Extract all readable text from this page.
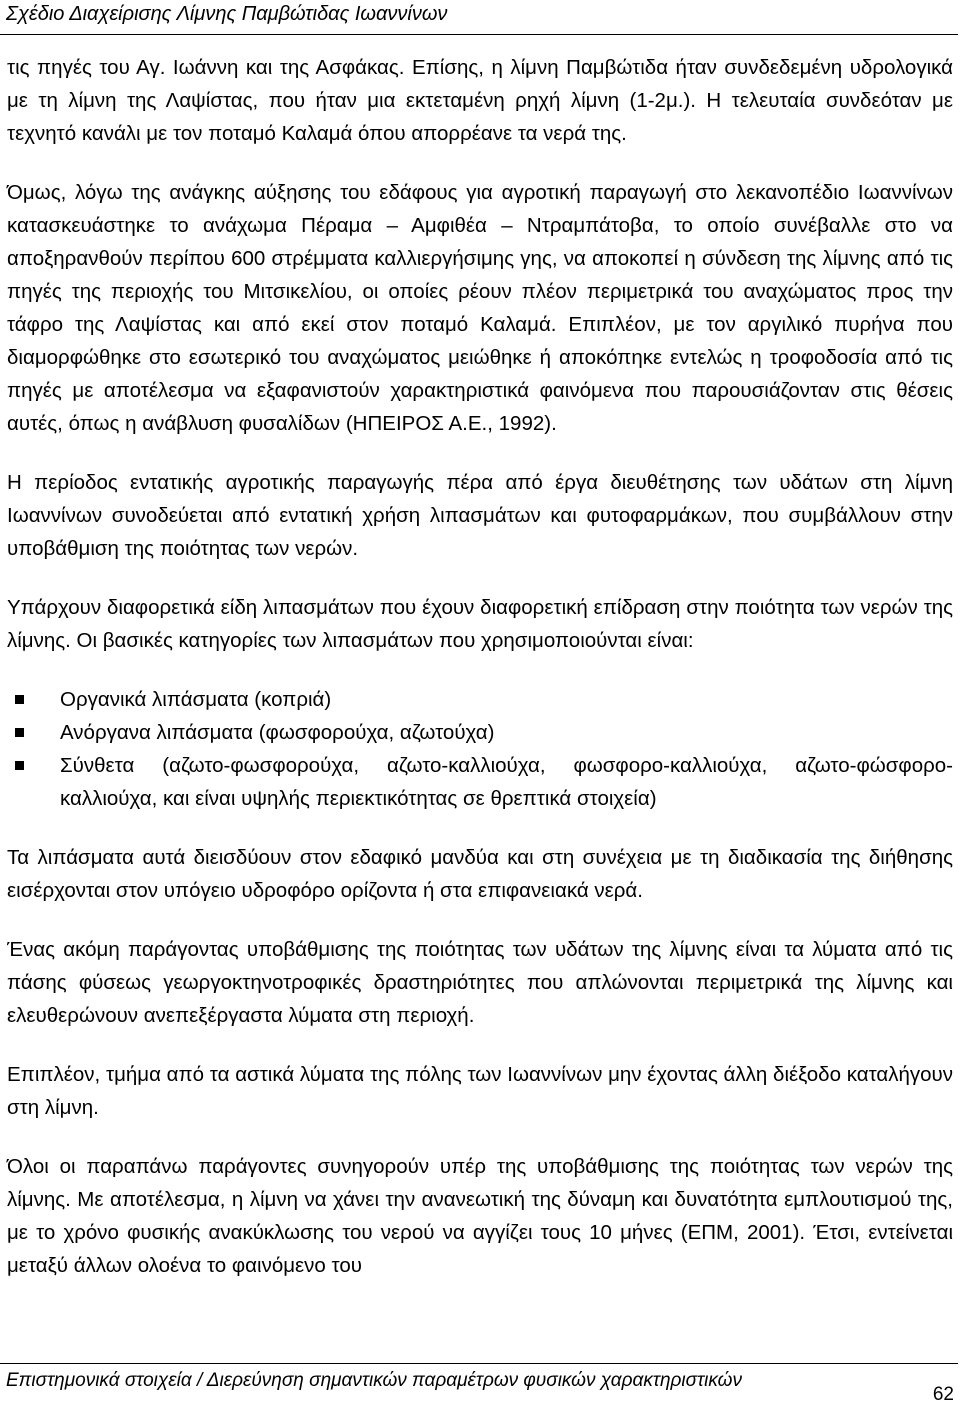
Σχέδιο Διαχείρισης Λίμνης Παμβώτιδας Ιωαννίνων

τις πηγές του Αγ. Ιωάννη και της Ασφάκας. Επίσης, η λίμνη Παμβώτιδα ήταν συνδεδεμένη υδρολογικά με τη λίμνη της Λαψίστας, που ήταν μια εκτεταμένη ρηχή λίμνη (1-2μ.). Η τελευταία συνδεόταν με τεχνητό κανάλι με τον ποταμό Καλαμά όπου απορρέανε τα νερά της.

Όμως, λόγω της ανάγκης αύξησης του εδάφους για αγροτική παραγωγή στο λεκανοπέδιο Ιωαννίνων κατασκευάστηκε το ανάχωμα Πέραμα – Αμφιθέα – Ντραμπάτοβα, το οποίο συνέβαλλε στο να αποξηρανθούν περίπου 600 στρέμματα καλλιεργήσιμης γης, να αποκοπεί η σύνδεση της λίμνης από τις πηγές της περιοχής του Μιτσικελίου, οι οποίες ρέουν πλέον περιμετρικά του αναχώματος προς την τάφρο της Λαψίστας και από εκεί στον ποταμό Καλαμά. Επιπλέον, με τον αργιλικό πυρήνα που διαμορφώθηκε στο εσωτερικό του αναχώματος μειώθηκε ή αποκόπηκε εντελώς η τροφοδοσία από τις πηγές με αποτέλεσμα να εξαφανιστούν χαρακτηριστικά φαινόμενα που παρουσιάζονταν στις θέσεις αυτές, όπως η ανάβλυση φυσαλίδων (ΗΠΕΙΡΟΣ Α.Ε., 1992).

Η περίοδος εντατικής αγροτικής παραγωγής πέρα από έργα διευθέτησης των υδάτων στη λίμνη Ιωαννίνων συνοδεύεται από εντατική χρήση λιπασμάτων και φυτοφαρμάκων, που συμβάλλουν στην υποβάθμιση της ποιότητας των νερών.

Υπάρχουν διαφορετικά είδη λιπασμάτων που έχουν διαφορετική επίδραση στην ποιότητα των νερών της λίμνης. Οι βασικές κατηγορίες των λιπασμάτων που χρησιμοποιούνται είναι:

Οργανικά λιπάσματα (κοπριά)
Ανόργανα λιπάσματα (φωσφορούχα, αζωτούχα)
Σύνθετα (αζωτο-φωσφορούχα, αζωτο-καλλιούχα, φωσφορο-καλλιούχα, αζωτο-φώσφορο-καλλιούχα, και είναι υψηλής περιεκτικότητας σε θρεπτικά στοιχεία)

Τα λιπάσματα αυτά διεισδύουν στον εδαφικό μανδύα και στη συνέχεια με τη διαδικασία της διήθησης εισέρχονται στον υπόγειο υδροφόρο ορίζοντα ή στα επιφανειακά νερά.

Ένας ακόμη παράγοντας υποβάθμισης της ποιότητας των υδάτων της λίμνης είναι τα λύματα από τις πάσης φύσεως γεωργοκτηνοτροφικές δραστηριότητες που απλώνονται περιμετρικά της λίμνης και ελευθερώνουν ανεπεξέργαστα λύματα στη περιοχή.

Επιπλέον, τμήμα από τα αστικά λύματα της πόλης των Ιωαννίνων μην έχοντας άλλη διέξοδο καταλήγουν στη λίμνη.

Όλοι οι παραπάνω παράγοντες συνηγορούν υπέρ της υποβάθμισης της ποιότητας των νερών της λίμνης. Με αποτέλεσμα, η λίμνη να χάνει την ανανεωτική της δύναμη και δυνατότητα εμπλουτισμού της, με το χρόνο φυσικής ανακύκλωσης του νερού να αγγίζει τους 10 μήνες (ΕΠΜ, 2001). Έτσι, εντείνεται μεταξύ άλλων ολοένα το φαινόμενο του

Επιστημονικά στοιχεία / Διερεύνηση σημαντικών παραμέτρων φυσικών χαρακτηριστικών
62
